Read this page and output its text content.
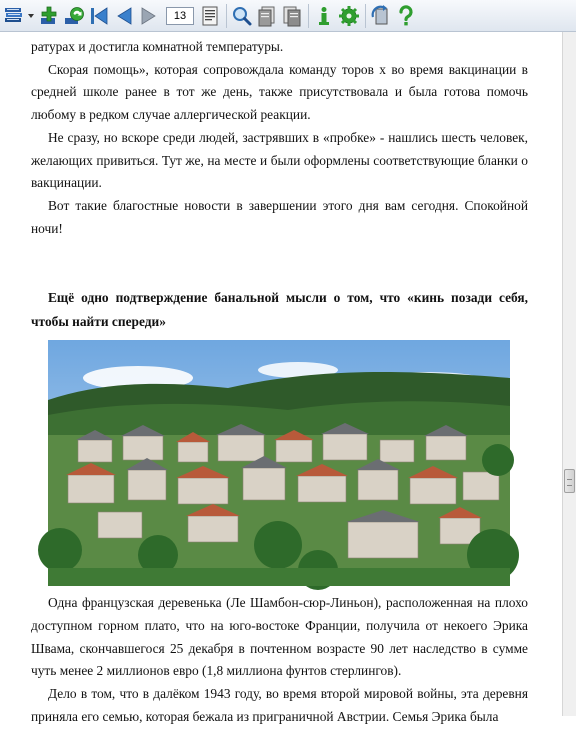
13

ратурах и достигла комнатной температуры.

Скорая помощь», которая сопровождала команду торов х во время вакцинации в средней школе ранее в тот же день, также присутствовала и была готова помочь любому в редком случае аллергической реакции.

Не сразу, но вскоре среди людей, застрявших в «пробке» - нашлись шесть человек, желающих привиться. Тут же, на месте и были оформлены соответствующие бланки о вакцинации.

Вот такие благостные новости в завершении этого дня вам сегодня. Спокойной ночи!

Ещё одно подтверждение банальной мысли о том, что «кинь позади себя, чтобы найти спереди»

Одна французская деревенька (Ле Шамбон-сюр-Линьон), расположенная на плохо доступном горном плато, что на юго-востоке Франции, получила от некоего Эрика Швама, скончавшегося 25 декабря в почтенном возрасте 90 лет наследство в сумме чуть менее 2 миллионов евро (1,8 миллиона фунтов стерлингов).

Дело в том, что в далёком 1943 году, во время второй мировой войны, эта деревня приняла его семью, которая бежала из приграничной Австрии. Семья Эрика была
